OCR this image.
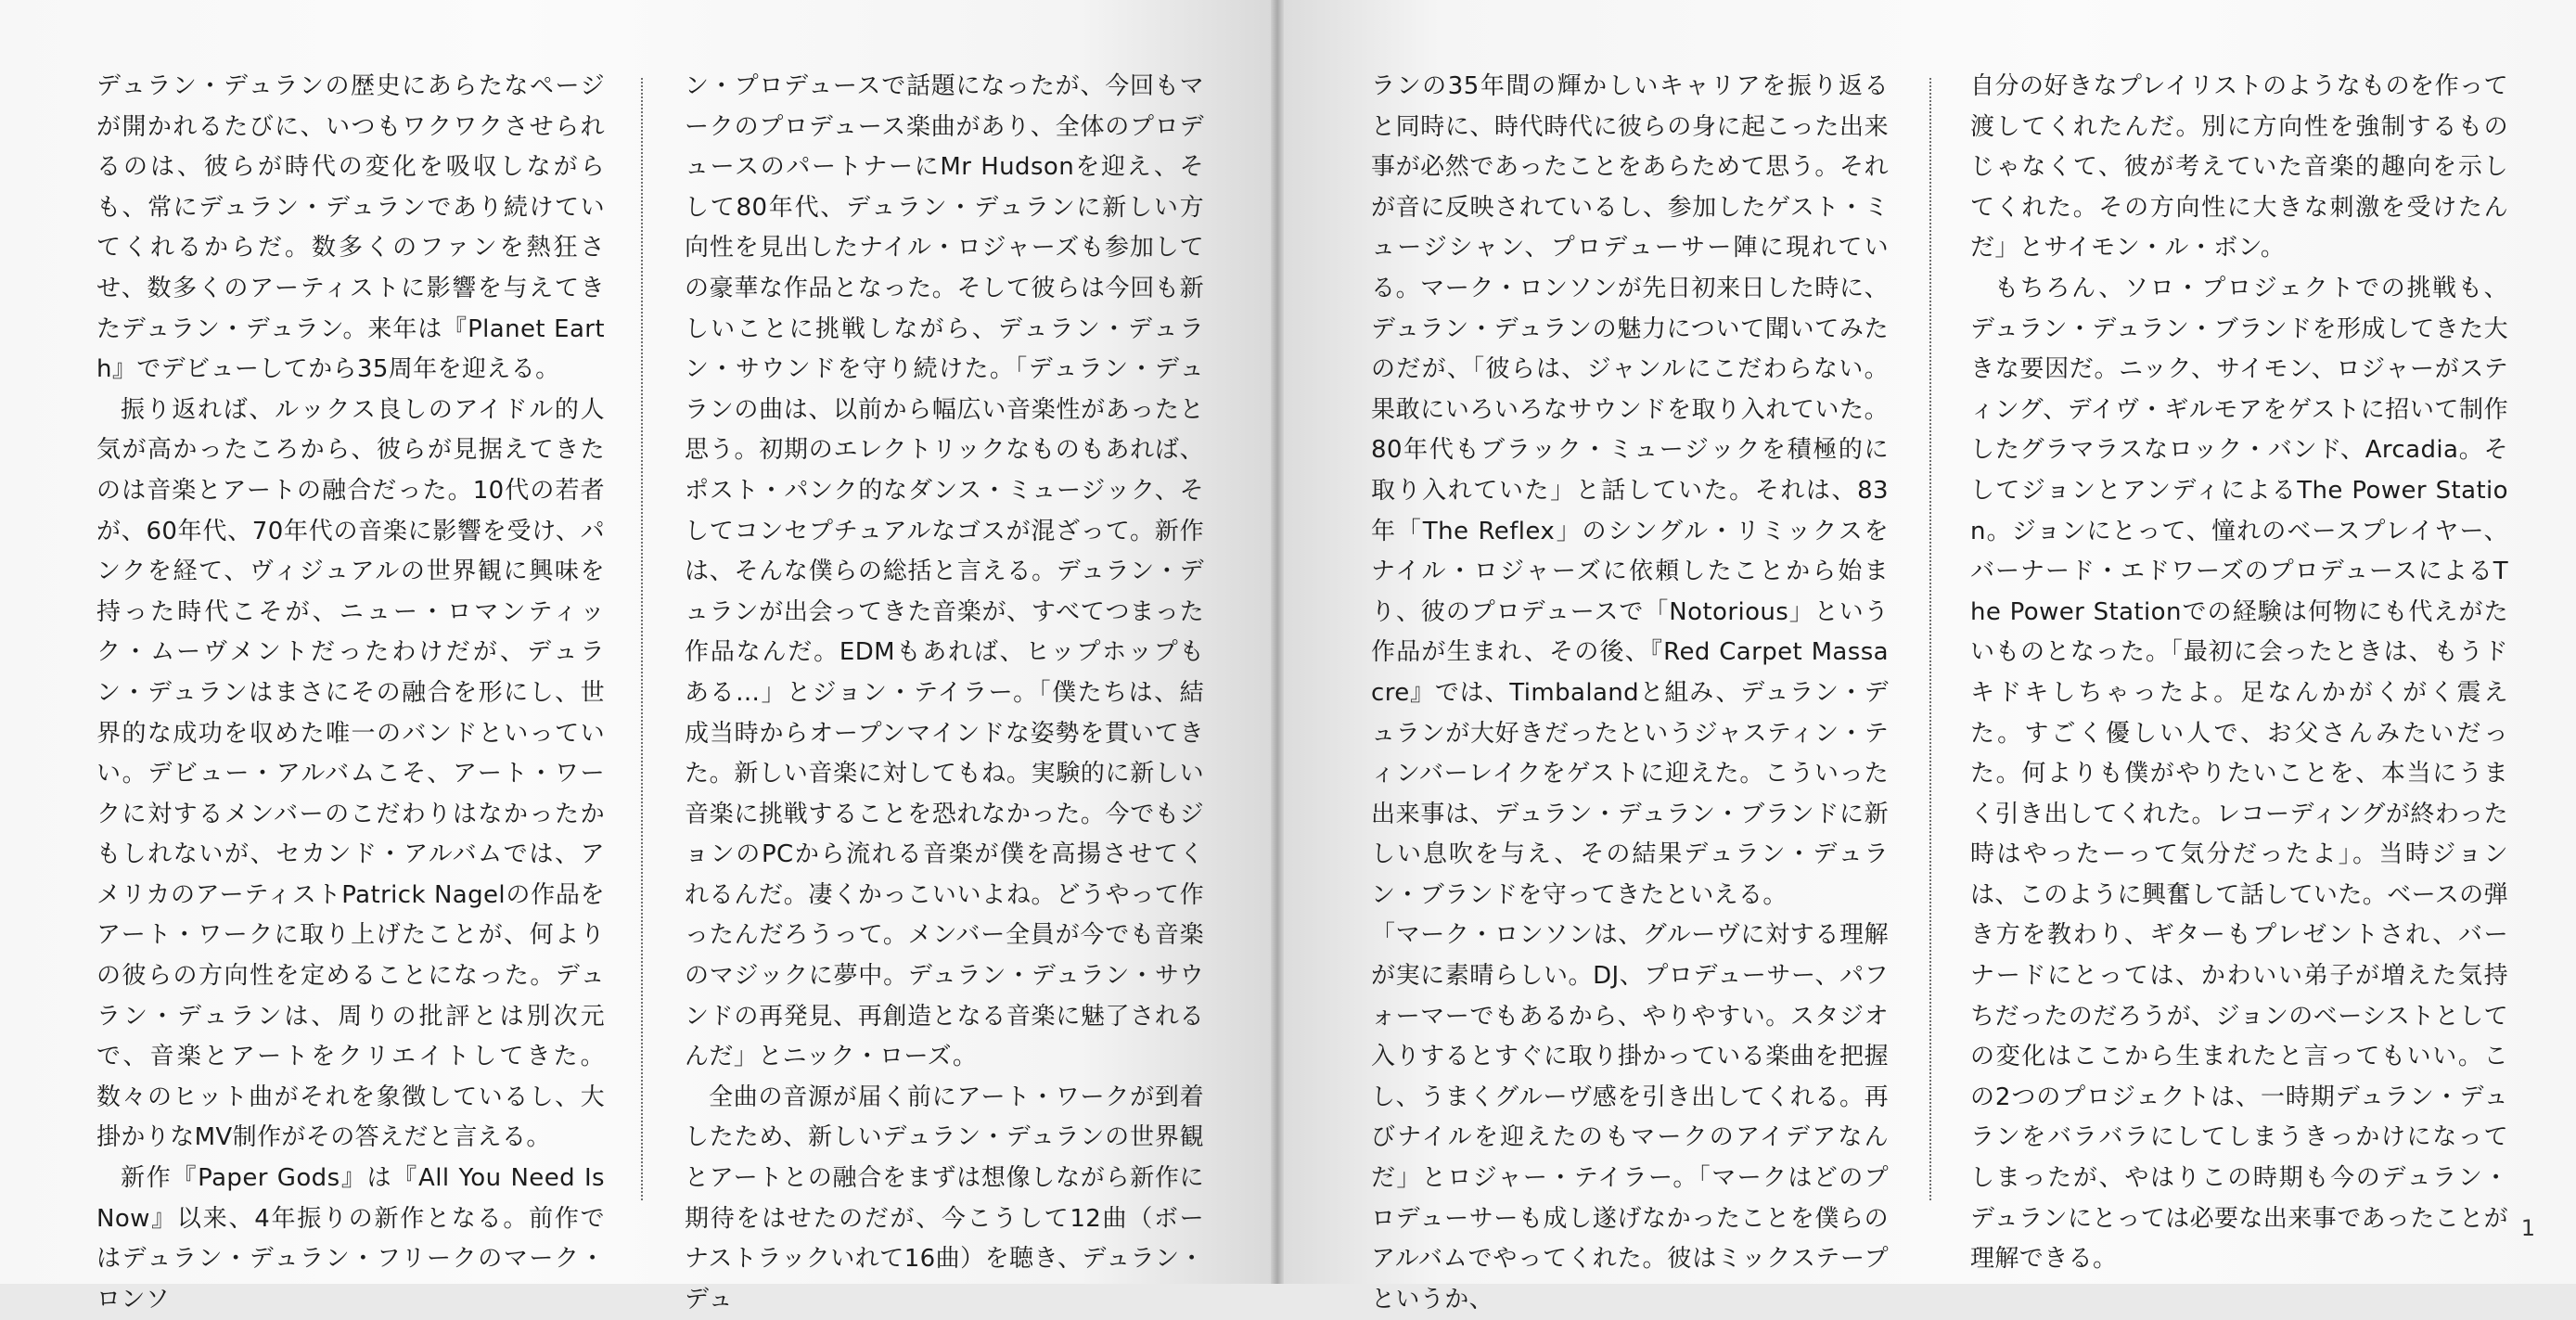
デュラン・デュランの歴史にあらたなページが開かれるたびに、いつもワクワクさせられるのは、彼らが時代の変化を吸収しながらも、常にデュラン・デュランであり続けていてくれるからだ。数多くのファンを熱狂させ、数多くのアーティストに影響を与えてきたデュラン・デュラン。来年は『Planet Earth』でデビューしてから35周年を迎える。

振り返れば、ルックス良しのアイドル的人気が高かったころから、彼らが見据えてきたのは音楽とアートの融合だった。10代の若者が、60年代、70年代の音楽に影響を受け、パンクを経て、ヴィジュアルの世界観に興味を持った時代こそが、ニュー・ロマンティック・ムーヴメントだったわけだが、デュラン・デュランはまさにその融合を形にし、世界的な成功を収めた唯一のバンドといっていい。デビュー・アルバムこそ、アート・ワークに対するメンバーのこだわりはなかったかもしれないが、セカンド・アルバムでは、アメリカのアーティストPatrick Nagelの作品をアート・ワークに取り上げたことが、何よりの彼らの方向性を定めることになった。デュラン・デュランは、周りの批評とは別次元で、音楽とアートをクリエイトしてきた。数々のヒット曲がそれを象徴しているし、大掛かりなMV制作がその答えだと言える。

新作『Paper Gods』は『All You Need Is Now』以来、4年振りの新作となる。前作ではデュラン・デュラン・フリークのマーク・ロンソ

ン・プロデュースで話題になったが、今回もマークのプロデュース楽曲があり、全体のプロデュースのパートナーにMr Hudsonを迎え、そして80年代、デュラン・デュランに新しい方向性を見出したナイル・ロジャーズも参加しての豪華な作品となった。そして彼らは今回も新しいことに挑戦しながら、デュラン・デュラン・サウンドを守り続けた。「デュラン・デュランの曲は、以前から幅広い音楽性があったと思う。初期のエレクトリックなものもあれば、ポスト・パンク的なダンス・ミュージック、そしてコンセプチュアルなゴスが混ざって。新作は、そんな僕らの総括と言える。デュラン・デュランが出会ってきた音楽が、すべてつまった作品なんだ。EDMもあれば、ヒップホップもある…」とジョン・テイラー。「僕たちは、結成当時からオープンマインドな姿勢を貫いてきた。新しい音楽に対してもね。実験的に新しい音楽に挑戦することを恐れなかった。今でもジョンのPCから流れる音楽が僕を高揚させてくれるんだ。凄くかっこいいよね。どうやって作ったんだろうって。メンバー全員が今でも音楽のマジックに夢中。デュラン・デュラン・サウンドの再発見、再創造となる音楽に魅了されるんだ」とニック・ローズ。

全曲の音源が届く前にアート・ワークが到着したため、新しいデュラン・デュランの世界観とアートとの融合をまずは想像しながら新作に期待をはせたのだが、今こうして12曲（ボーナストラックいれて16曲）を聴き、デュラン・デュ

ランの35年間の輝かしいキャリアを振り返ると同時に、時代時代に彼らの身に起こった出来事が必然であったことをあらためて思う。それが音に反映されているし、参加したゲスト・ミュージシャン、プロデューサー陣に現れている。マーク・ロンソンが先日初来日した時に、デュラン・デュランの魅力について聞いてみたのだが、「彼らは、ジャンルにこだわらない。果敢にいろいろなサウンドを取り入れていた。80年代もブラック・ミュージックを積極的に取り入れていた」と話していた。それは、83年「The Reflex」のシングル・リミックスをナイル・ロジャーズに依頼したことから始まり、彼のプロデュースで「Notorious」という作品が生まれ、その後、『Red Carpet Massacre』では、Timbalandと組み、デュラン・デュランが大好きだったというジャスティン・ティンバーレイクをゲストに迎えた。こういった出来事は、デュラン・デュラン・ブランドに新しい息吹を与え、その結果デュラン・デュラン・ブランドを守ってきたといえる。

「マーク・ロンソンは、グルーヴに対する理解が実に素晴らしい。DJ、プロデューサー、パフォーマーでもあるから、やりやすい。スタジオ入りするとすぐに取り掛かっている楽曲を把握し、うまくグルーヴ感を引き出してくれる。再びナイルを迎えたのもマークのアイデアなんだ」とロジャー・テイラー。「マークはどのプロデューサーも成し遂げなかったことを僕らのアルバムでやってくれた。彼はミックステープというか、

自分の好きなプレイリストのようなものを作って渡してくれたんだ。別に方向性を強制するものじゃなくて、彼が考えていた音楽的趣向を示してくれた。その方向性に大きな刺激を受けたんだ」とサイモン・ル・ボン。

もちろん、ソロ・プロジェクトでの挑戦も、デュラン・デュラン・ブランドを形成してきた大きな要因だ。ニック、サイモン、ロジャーがスティング、デイヴ・ギルモアをゲストに招いて制作したグラマラスなロック・バンド、Arcadia。そしてジョンとアンディによるThe Power Station。ジョンにとって、憧れのベースプレイヤー、バーナード・エドワーズのプロデュースによるThe Power Stationでの経験は何物にも代えがたいものとなった。「最初に会ったときは、もうドキドキしちゃったよ。足なんかがくがく震えた。すごく優しい人で、お父さんみたいだった。何よりも僕がやりたいことを、本当にうまく引き出してくれた。レコーディングが終わった時はやったーって気分だったよ」。当時ジョンは、このように興奮して話していた。ベースの弾き方を教わり、ギターもプレゼントされ、バーナードにとっては、かわいい弟子が増えた気持ちだったのだろうが、ジョンのベーシストとしての変化はここから生まれたと言ってもいい。この2つのプロジェクトは、一時期デュラン・デュランをバラバラにしてしまうきっかけになってしまったが、やはりこの時期も今のデュラン・デュランにとっては必要な出来事であったことが理解できる。

1
